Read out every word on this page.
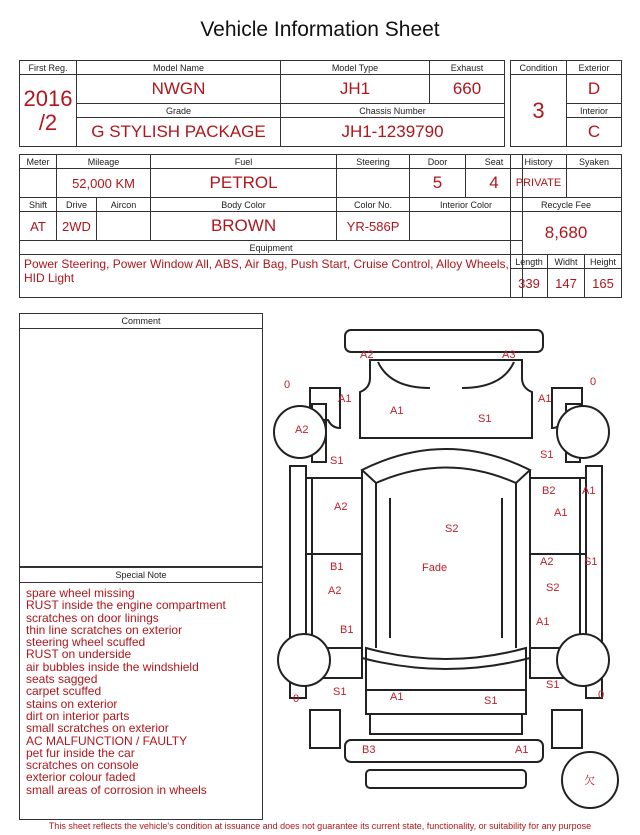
Vehicle Information Sheet
First Reg.	Model Name	Model Type	Exhaust

2016
/2	NWGN	JH1	660
	Grade	Chassis Number	
	G STYLISH PACKAGE	JH1-1239790	
Condition	Exterior
3	D
	Interior
	C
Meter	Mileage		Fuel	Steering	Door	Seat
	52,000 KM		PETROL		5	4
Shift	Drive	Aircon	Body Color	Color No.	Interior Color	
AT	2WD		BROWN	YR-586P		
Equipment						
Power Steering, Power Window All, ABS, Air Bag, Push Start, Cruise Control, Alloy Wheels, HID Light						
History		Syaken	
PRIVATE			
Recycle Fee			
8,680			
Length	Widht		Height
339	147		165
Comment
Special Note
spare wheel missing
RUST inside the engine compartment
scratches on door linings
thin line scratches on exterior
steering wheel scuffed
RUST on underside
air bubbles inside the windshield
seats sagged
carpet scuffed
stains on exterior
dirt on interior parts
small scratches on exterior
AC MALFUNCTION / FAULTY
pet fur inside the car
scratches on console
exterior colour faded
small areas of corrosion in wheels
A2	A3
0	0
A1
A1
S1
A1
A2
S1	S1
A2
B2
A1
A1
S2
Fade
B1
A2
A2
S2
S1
B1
A1
S1
S1
0	0
A1	S1
B3	A1
欠
This sheet reflects the vehicle's condition at issuance and does not guarantee its current state, functionality, or suitability for any purpose
